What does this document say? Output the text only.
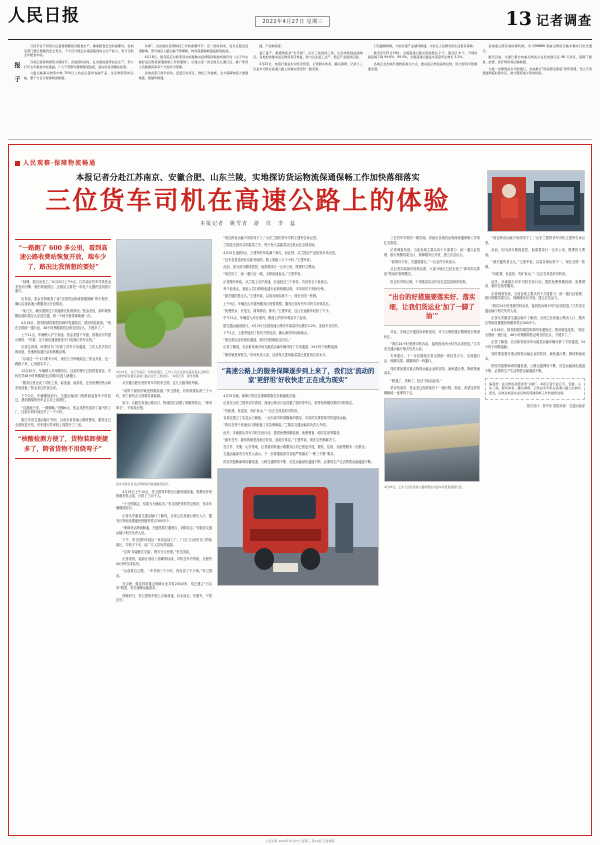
人民日报	2022年4月27日 星期三	13 记者调查
报　子

习近平在不同场合反复强调要抓好粮食生产，确保粮食安全的重要性。各地各部门要扛稳粮食安全责任，千方百计稳定并提高粮食综合生产能力，努力夺取全年粮食丰收。

当前正值春耕春管关键时节，各地抢抓农时，扎实推进春季农业生产，努力打牢全年粮食丰收基础。广大干部群众要增强紧迫感，落实好各项惠农政策。

公路运输事关物资中转 70%以上的货运量和农副产品、生活物资等的运输，要千方百计保障物流畅通。

动事”，也是做好疫情防控工作的重要环节。近一段时间来，受多点散发疫情影响，部分地区公路运输不够顺畅，物流保通保畅面临新的挑战。

4月18日，国务院应对新型冠状病毒肺炎疫情联防联控机制印发《关于切实做好货运物流保通保畅工作的通知》，从建立统一的全国互认通行证、推广使用人员健康码等多个方面作出部署。

各地各部门闻令而动，层层压实责任，细化工作措施，全力保障物流大通道畅通、微循环畅通。

通、产业畅销等。

复工复产，畅通物流是“先手棋”。从长三角到珠三角，从京津冀到成渝地区，各地加快推动货运物流有序恢复，助力企业复工达产、稳定产业链供应链。

4月25日，电话打到货车司机手机里，记者跟车体验、蹲点调研，记录下三位货车司机在高速公路上的真实感受和一路见闻。

只有路畅物畅，才能实现产业循环畅通，才能让人民群众的生活更有保障。

截至4月25日19时，全国高速公路关闭收费站 2 个、服务区 6 个，分别较最高峰下降 99.8%、99.5%。全国高速公路货车流量环比增长 3.2%。

各地正在加快打通物流堵点卡点，推动货运物流高效运转，助力经济平稳健康发展。

各地建立跨区域协调机制，对 Q96N86 等重点物资运输车辆实行优先通行。

截至目前，全国已累计向重点物流企业发放通行证 46 万余张，保障了粮食、能源、医疗物资等运输畅通。

为进一步便利货车司机通行，多地推行“即采即走即追”闭环管理，设立专用通道和临时停车区，最大限度减少等待时间。

人民观察·保障物流畅通
本报记者分赴江苏南京、安徽合肥、山东兰陵，实地探访货运物流保通保畅工作加快落细落实
三位货车司机在高速公路上的体验
本报记者　姚雪青　游　仪　李　蕊
“一路跑了 600 多公里，看到高速公路收费站恢复开放，端车少了，路况比我预想的要好”

“师傅，我们出发了。”4月25日上午9点，江苏南京货车司机张金龙发动引擎，驶出物流园区。这趟活儿要把一车电子元器件送到浙江嘉兴。

出发前，张金龙特地查了查“全国货运物流保通保畅”的小程序，确认沿途高速公路服务区开放情况。

“前几天，确实遇到过下高速排长队的情况。”张金龙说，那时候核酸检测结果互认还没打通，到一个地方就得重新测一次。

4月18日，国务院联防联控机制印发通知后，情况明显改善。“现在全国统一通行证，48小时核酸阴性证明全国互认，方便多了。”

上午11点，车辆驶入沪宁高速。张金龙摇下车窗，指着前方的提示牌说：“你看，这个绿色通道就是专门给我们货车走的。”

记者注意到，收费站专门开辟了货车专用通道，工作人员手持扫码设备，快速核验通行证和核酸证明。

“以前过一个卡口要半小时，现在几分钟就能过。”张金龙说，这一路跑下来，心里踏实多了。

12点30分，车辆驶入苏州服务区。这里的餐厅已经恢复营业，司机们凭48小时核酸阴性证明即可进入就餐区。

“服务区里还设了司机之家，能洗澡、能休息，还有免费的热水和充电设备。”张金龙边吃饭边说。

下午2点，车辆继续前行。交通运输部门的路面巡查车不时经过，遇到抛锚的货车会主动上前帮忙。

“这趟跑下来，一路顺畅。”傍晚6点，张金龙把货送到了嘉兴的工厂，比预计的时间还早了一个小时。

据江苏省交通运输厅介绍，目前全省高速公路收费站、服务区已全部恢复开放，货车通行效率较上周提升了三成。

“核酸检测方便了，货物装卸便捷多了，跨省货物不用绕弯子”
4月25日，在江苏南京一家物流园区，工作人员正在装运蔬菜等生活物资。这批物资将通过高速公路运往长三角地区。　本报记者　姚雪青摄

从安徽合肥出发的货车司机李卫国，这几天跑得格外顺。

“前阵子最怕的就是核酸检测。”李卫国说，有时候排队两三个小时，到了卸货点又被要求重新做。

如今，合肥在高速公路出口、物流园区设置了核酸采样点，“即采即走”，不耽误行程。

货车司机张金龙在驾驶室内查看路况信息。

4月25日上午10点，李卫国驾车驶出合肥绕城高速。收费站旁的核酸采样点前，只排了三四个人。

“十分钟搞定，结果当天就能出。”李卫国把采样凭证收好，发动车辆继续前行。

记者从安徽省交通运输厅了解到，全省已在高速公路出入口、服务区等地设置便民核酸采样点300多个。

“保障货运物流畅通，关键是要打通堵点、消除盲点。”安徽省交通运输厅相关负责人说。

下午，李卫国的车抵达一家食品加工厂。厂区门口设有专门的装卸区，司机不下车，由厂方人员负责装卸。

“这叫‘非接触式交接’，既安全又快捷。”李卫国说。

记者看到，装卸区划设了清晰的标线，司机在车内等候，全程约40分钟完成装货。

“以前要自己搬，一车货两三个小时，现在省了不少事。”李卫国说。

在合肥，像这样的重点保障企业共有200余家，均已建立“白名单”制度，优先保障运输需求。

傍晚时分，李卫国的车驶上合徐高速，向北而去。车窗外，夕阳正好。

“现在跨省运输不用绕弯子了。”山东兰陵的货车司机王建军告诉记者。

兰陵是全国有名的蔬菜之乡，每天有大量蔬菜从这里运往全国各地。

4月25日凌晨3点，王建军的车装满了黄瓜、西红柿，从兰陵农产品批发市场出发。

“这车菜是送到北京新发地的，路上要跑八九个小时。”王建军说。

此前，因为部分路段管控，他需要绕行一百多公里，既费时又费油。

“现在好了，统一通行证一刷，全程高速直达。”王建军说。

记者随车体验，从兰陵上京沪高速，沿途经过三个省份，共设有五个检查点。

每个检查点，查验人员扫码核验通行证和核酸证明，平均用时不到两分钟。

“最关键的是互认。”王建军说，以前各地标准不一，现在全国一张网。

上午9点，车辆在山东德州服务区短暂休整。服务区设有货车司机专用休息区。

“免费热水、充电宝、简易淋浴，都有。”王建军说，这让长途跑车轻松了不少。

中午12点，车辆进入河北境内。路面上的货车明显多了起来。

据交通运输部统计，4月25日全国高速公路货车流量环比增长3.2%，连续多日回升。

下午1点，王建军接到了收货方的电话，确认卸货时间和地点。

“他们那边也有绿色通道，卸完货我就能往回走。”

记者了解到，北京新发地市场为蔬菜运输车辆开辟了专用通道，24小时不间断接卸。

“保供就是保民生。”市场负责人说，目前每天进场蔬菜量已恢复到正常水平。

“高速公路上的服务保障逐步到上来了，我们这‘流动的家’更舒坦‘好收快走’正在成为现实”

4月25日晚，新修订的应急保障措施在多地落地实施。

记者在山东兰陵采访时看到，高速公路出口处设置了临时停车区，供等待核酸结果的司机休息。

“有帐篷、有盒饭、有矿泉水。”一位正在休息的司机说。

各地还建立了应急运力储备，一旦出现司机被隔离的情况，可及时安排替班司机接续运输。

“我们在每个高速出口都配备了应急保障组。”兰陵县交通运输局负责人介绍。

此外，多地推出货车司机关爱行动，提供免费核酸检测、免费餐食、临时住宿等服务。

“跑车在外，最怕的就是没地方吃饭、没地方休息。”王建军说，现在这些都解决了。

在江苏、安徽、山东等地，记者看到高速公路服务区均已恢复开放，餐饮、住宿、加油等服务一应俱全。

交通运输部有关负责人表示，下一步将继续指导各地严格落实“一断三不断”要求。

即坚决阻断病毒传播渠道，公路交通网络不断、应急运输绿色通道不断、必要的生产生活物资运输通道不断。

三位货车司机的一路见闻，折射出各地货运物流保通保畅工作的扎实推进。

记者调查发现，当前各地主要从四个方面着力：统一通行证管理、推行核酸结果互认、保障服务区开放、建立应急运力。

“政策好不好，关键看落实。”一位业内专家表示。

从记者实地探访的情况看，大部分地区已经实现了“即采即走即追”的闭环管理模式。

但也有司机反映，个别基层站点仍存在层层加码的现象。

“出台的好措施要落实好、落实细，让我们货运业‘加了一脚了油’”

对此，多地已开通投诉举报电话，对不合理的通行限制进行核查纠正。

“我们24小时受理司机诉求，接到投诉两小时内必须回复。”江苏省交通运输厅相关负责人说。

专家建议，下一步应继续完善全国统一的信息平台，实现通行证、核酸结果、健康码的一码通行。

同时要加强对重点物资运输企业的扶持，减免通行费，降低物流成本。

“路通了，货畅了，经济才能活起来。”

采访结束时，张金龙已经准备好下一趟行程。他说，希望这样的顺畅能一直保持下去。

4月25日，工作人员在高速公路收费站为货车司机查验通行证。

“现在跨省运输不用绕弯子了。”山东兰陵的货车司机王建军告诉记者。

此前，因为部分路段管控，他需要绕行一百多公里，既费时又费油。

“最关键的是互认。”王建军说，以前各地标准不一，现在全国一张网。

“有帐篷、有盒饭、有矿泉水。”一位正在休息的司机说。

此外，多地推出货车司机关爱行动，提供免费核酸检测、免费餐食、临时住宿等服务。

记者调查发现，当前各地主要从四个方面着力：统一通行证管理、推行核酸结果互认、保障服务区开放、建立应急运力。

“我们24小时受理司机诉求，接到投诉两小时内必须回复。”江苏省交通运输厅相关负责人说。

记者从安徽省交通运输厅了解到，全省已在高速公路出入口、服务区等地设置便民核酸采样点300多个。

4月18日，国务院联防联控机制印发通知后，情况明显改善。“现在全国统一通行证，48小时核酸阴性证明全国互认，方便多了。”

记者了解到，北京新发地市场为蔬菜运输车辆开辟了专用通道，24小时不间断接卸。

同时要加强对重点物资运输企业的扶持，减免通行费，降低物流成本。

即坚决阻断病毒传播渠道，公路交通网络不断、应急运输绿色通道不断、必要的生产生活物资运输通道不断。

编者按：货运物流是经济的“动脉”。本报记者分赴江苏、安徽、山东三地，跟车体验、蹲点调研，记录货车司机在高速公路上的真实感受，反映各地落实货运物流保通保畅工作的最新进展。
版式设计：蔡华伟 数据来源：交通运输部
人民日报 2022年4月27日 星期三 第13版 记者调查
